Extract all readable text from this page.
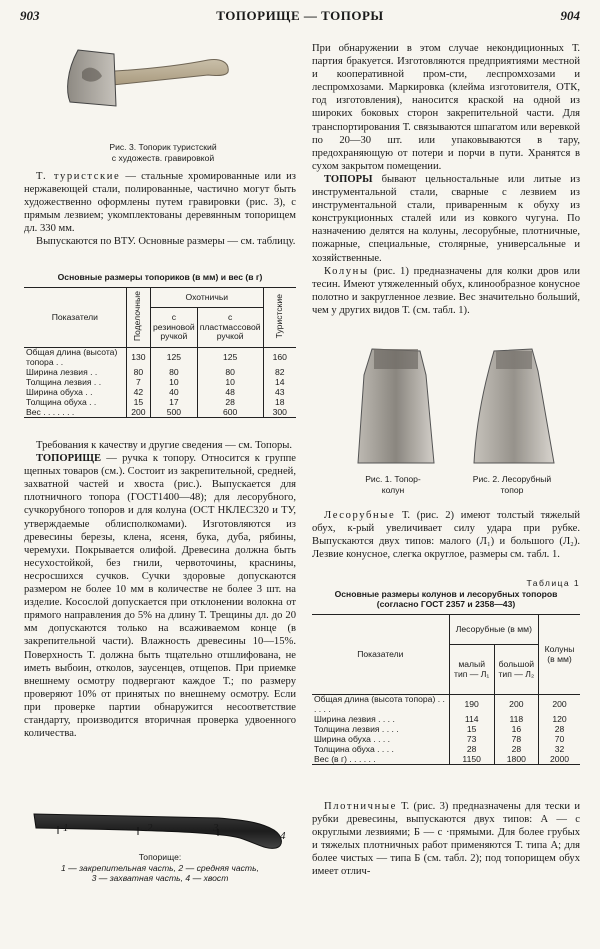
903	ТОПОРИЩЕ — ТОПОРЫ	904
Рис. 3. Топорик туристский
с художеств. гравировкой

Т. туристские — стальные хромированные или из нержавеющей стали, полированные, частично могут быть художественно оформлены путем гравировки (рис. 3), с прямым лезвием; укомплектованы деревянным топорищем дл. 330 мм.

Выпускаются по ВТУ. Основные размеры — см. таблицу.

Основные размеры топориков (в мм) и вес (в г)
Показатели	Поделочные	Охотничьи		Туристские
		с резиновой ручкой	с пластмассовой ручкой	
Общая длина (высота) топора . .	130	125	125	160
Ширина лезвия . .	80	80	80	82
Толщина лезвия . .	7	10	10	14
Ширина обуха . .	42	40	48	43
Толщина обуха . .	15	17	28	18
Вес . . . . . . .	200	500	600	300

Требования к качеству и другие сведения — см. Топоры.

ТОПОРИЩЕ — ручка к топору. Относится к группе щепных товаров (см.). Состоит из закрепительной, средней, захватной частей и хвоста (рис.). Выпускается для плотничного топора (ГОСТ1400—48); для лесорубного, сучкорубного топоров и для колуна (ОСТ НКЛЕС320 и ТУ, утверждаемые облисполкомами). Изготовляются из древесины березы, клена, ясеня, бука, дуба, рябины, черемухи. Покрывается олифой. Древесина должна быть несухостойкой, без гнили, червоточины, краснины, несросшихся сучков. Сучки здоровые допускаются размером не более 10 мм в количестве не более 3 шт. на изделие. Косослой допускается при отклонении волокна от прямого направления до 5% на длину Т. Трещины дл. до 20 мм допускаются только на всаживаемом конце (в закрепительной части). Влажность древесины 10—15%. Поверхность Т. должна быть тщательно отшлифована, не иметь выбоин, отколов, заусенцев, отщепов. При приемке внешнему осмотру подвергают каждое Т.; по размеру проверяют 10% от принятых по внешнему осмотру. Если при проверке партии обнаружится несоответствие стандарту, производится вторичная проверка удвоенного количества.

1	2	3
4
Топорище:
1 — закрепительная часть, 2 — средняя часть,
3 — захватная часть, 4 — хвост

При обнаружении в этом случае некондиционных Т. партия бракуется. Изготовляются предприятиями местной и кооперативной пром-сти, леспромхозами и леспромхозами. Маркировка (клейма изготовителя, ОТК, год изготовления), наносится краской на одной из широких боковых сторон закрепительной части. Для транспортирования Т. связываются шпагатом или веревкой по 20—30 шт. или упаковываются в тару, предохраняющую от потери и порчи в пути. Хранятся в сухом закрытом помещении.

ТОПОРЫ бывают цельностальные или литые из инструментальной стали, сварные с лезвием из инструментальной стали, приваренным к обуху из конструкционных сталей или из ковкого чугуна. По назначению делятся на колуны, лесорубные, плотничные, пожарные, специальные, столярные, универсальные и хозяйственные.

Колуны (рис. 1) предназначены для колки дров или тесин. Имеют утяжеленный обух, клинообразное конусное полотно и закругленное лезвие. Вес значительно больший, чем у других видов Т. (см. табл. 1).

Рис. 1. Топор-
колун
Рис. 2. Лесорубный
топор

Лесорубные Т. (рис. 2) имеют толстый тяжелый обух, к-рый увеличивает силу удара при рубке. Выпускаются двух типов: малого (Л₁) и большого (Л₂). Лезвие конусное, слегка округлое, размеры см. табл. 1.

Таблица 1
Основные размеры колунов и лесорубных топоров
(согласно ГОСТ 2357 и 2358—43)
Показатели	Лесорубные (в мм)		Колуны (в мм)
	малый тип — Л₁	большой тип — Л₂	
Общая длина (высота топора) . . . . . .	190	200	200
Ширина лезвия . . . .	114	118	120
Толщина лезвия . . . .	15	16	28
Ширина обуха . . . .	73	78	70
Толщина обуха . . . .	28	28	32
Вес (в г) . . . . . .	1150	1800	2000

Плотничные Т. (рис. 3) предназначены для тески и рубки древесины, выпускаются двух типов: А — с округлыми лезвиями; Б — с ·прямыми. Для более грубых и тяжелых плотничных работ применяются Т. типа А; для более чистых — типа Б (см. табл. 2); под топорищем обух имеет отлич-
